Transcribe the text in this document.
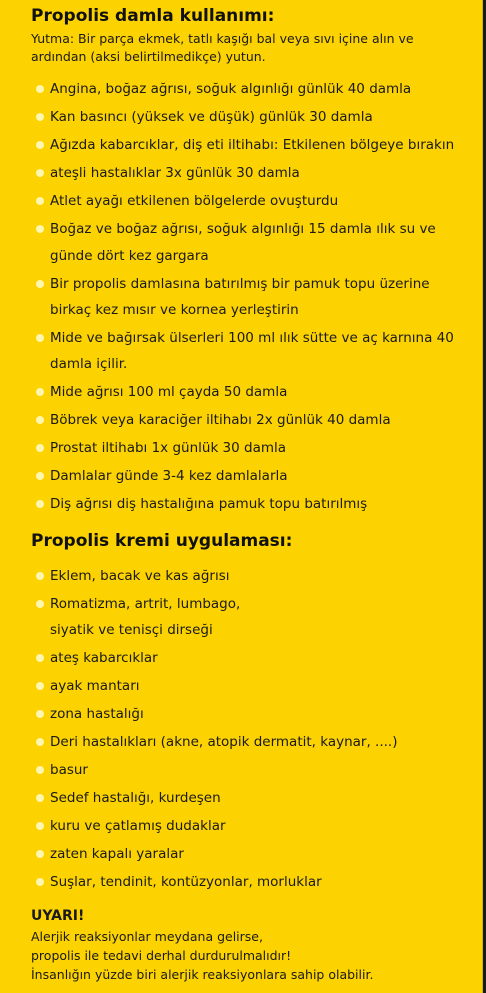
Propolis damla kullanımı:
Yutma: Bir parça ekmek, tatlı kaşığı bal veya sıvı içine alın ve
ardından (aksi belirtilmedikçe) yutun.
Angina, boğaz ağrısı, soğuk algınlığı günlük 40 damla
Kan basıncı (yüksek ve düşük) günlük 30 damla
Ağızda kabarcıklar, diş eti iltihabı: Etkilenen bölgeye bırakın
ateşli hastalıklar 3x günlük 30 damla
Atlet ayağı etkilenen bölgelerde ovuşturdu
Boğaz ve boğaz ağrısı, soğuk algınlığı 15 damla ılık su ve
günde dört kez gargara
Bir propolis damlasına batırılmış bir pamuk topu üzerine
birkaç kez mısır ve kornea yerleştirin
Mide ve bağırsak ülserleri 100 ml ılık sütte ve aç karnına 40
damla içilir.
Mide ağrısı 100 ml çayda 50 damla
Böbrek veya karaciğer iltihabı 2x günlük 40 damla
Prostat iltihabı 1x günlük 30 damla
Damlalar günde 3-4 kez damlalarla
Diş ağrısı diş hastalığına pamuk topu batırılmış
Propolis kremi uygulaması:
Eklem, bacak ve kas ağrısı
Romatizma, artrit, lumbago,
siyatik ve tenisçi dirseği
ateş kabarcıklar
ayak mantarı
zona hastalığı
Deri hastalıkları (akne, atopik dermatit, kaynar, ....)
basur
Sedef hastalığı, kurdeşen
kuru ve çatlamış dudaklar
zaten kapalı yaralar
Suşlar, tendinit, kontüzyonlar, morluklar
UYARI!
Alerjik reaksiyonlar meydana gelirse,
propolis ile tedavi derhal durdurulmalıdır!
İnsanlığın yüzde biri alerjik reaksiyonlara sahip olabilir.
